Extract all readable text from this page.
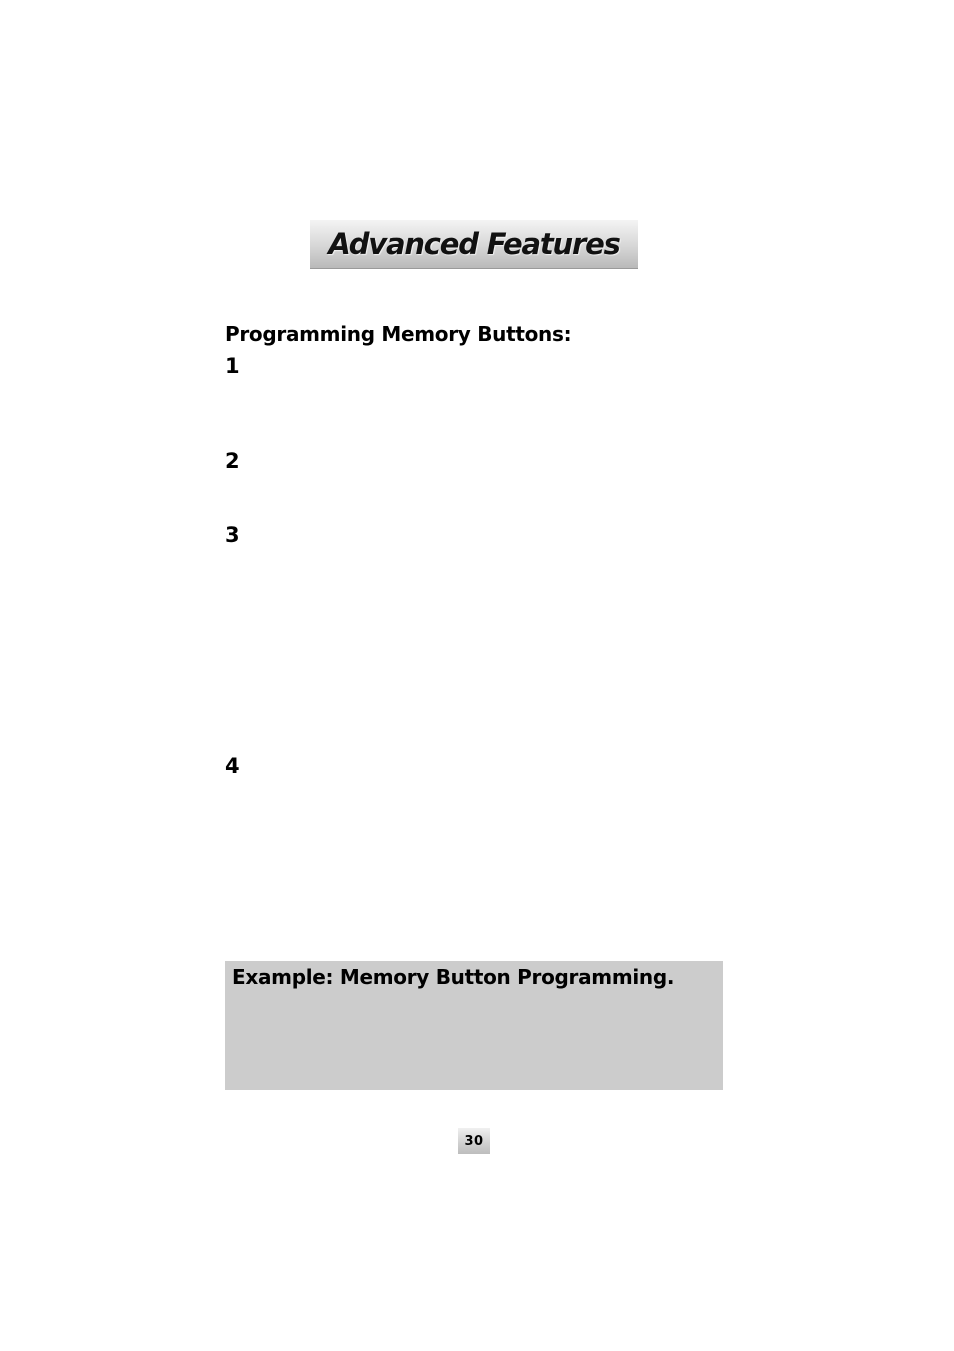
Advanced Features
Programming Memory Buttons:
1
2
3
4
Example: Memory Button Programming.
30
